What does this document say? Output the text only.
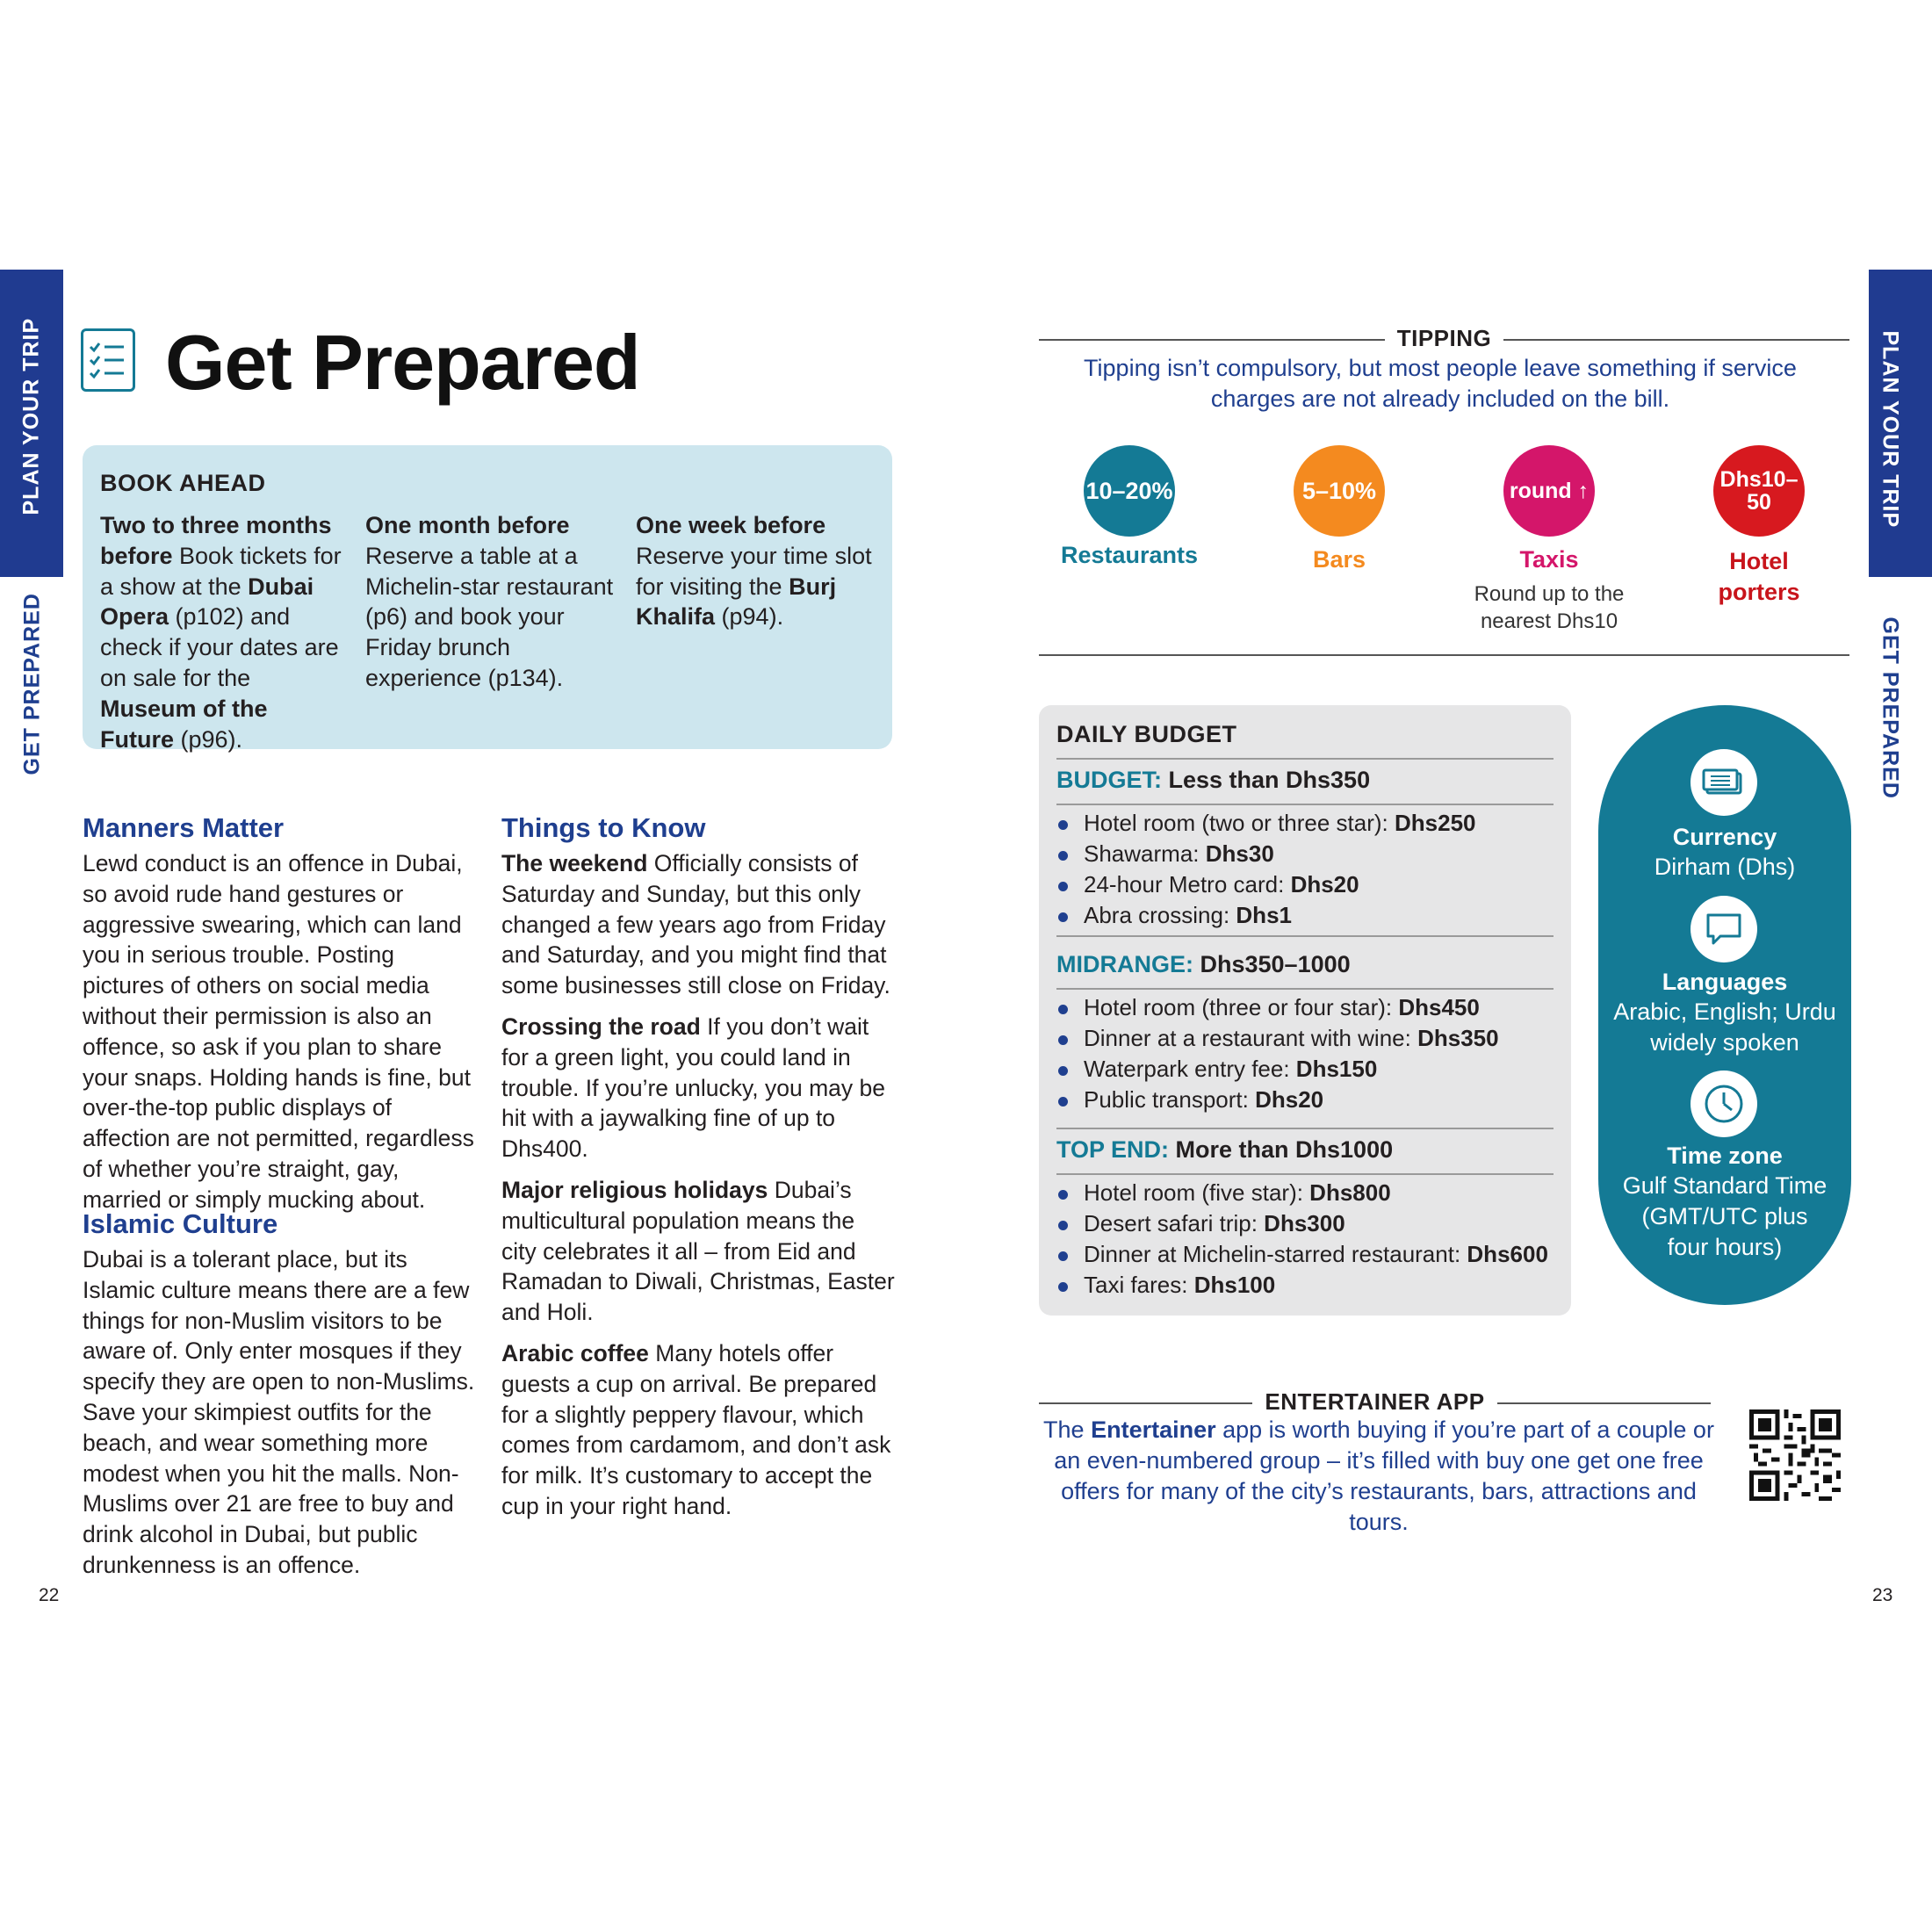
PLAN YOUR TRIP
GET PREPARED
PLAN YOUR TRIP
GET PREPARED
Get Prepared
BOOK AHEAD
Two to three months before Book tickets for a show at the Dubai Opera (p102) and check if your dates are on sale for the Museum of the Future (p96).
One month before
Reserve a table at a Michelin-star restaurant (p6) and book your Friday brunch experience (p134).
One week before
Reserve your time slot for visiting the Burj Khalifa (p94).
Manners Matter
Lewd conduct is an offence in Dubai, so avoid rude hand gestures or aggressive swearing, which can land you in serious trouble. Posting pictures of others on social media without their permission is also an offence, so ask if you plan to share your snaps. Holding hands is fine, but over-the-top public displays of affection are not permitted, regardless of whether you’re straight, gay, married or simply mucking about.
Islamic Culture
Dubai is a tolerant place, but its Islamic culture means there are a few things for non-Muslim visitors to be aware of. Only enter mosques if they specify they are open to non-Muslims. Save your skimpiest outfits for the beach, and wear something more modest when you hit the malls. Non-Muslims over 21 are free to buy and drink alcohol in Dubai, but public drunkenness is an offence.
Things to Know

The weekend Officially consists of Saturday and Sunday, but this only changed a few years ago from Friday and Saturday, and you might find that some businesses still close on Friday.

Crossing the road If you don’t wait for a green light, you could land in trouble. If you’re unlucky, you may be hit with a jaywalking fine of up to Dhs400.

Major religious holidays Dubai’s multicultural population means the city celebrates it all – from Eid and Ramadan to Diwali, Christmas, Easter and Holi.

Arabic coffee Many hotels offer guests a cup on arrival. Be prepared for a slightly peppery flavour, which comes from cardamom, and don’t ask for milk. It’s customary to accept the cup in your right hand.

22	23
TIPPING
Tipping isn’t compulsory, but most people leave something if service charges are not already included on the bill.
10–20%
Restaurants
5–10%
Bars
round ↑
Taxis
Round up to the nearest Dhs10
Dhs10–50
Hotel porters
DAILY BUDGET
BUDGET: Less than Dhs350
Hotel room (two or three star): Dhs250
Shawarma: Dhs30
24-hour Metro card: Dhs20
Abra crossing: Dhs1
MIDRANGE: Dhs350–1000
Hotel room (three or four star): Dhs450
Dinner at a restaurant with wine: Dhs350
Waterpark entry fee: Dhs150
Public transport: Dhs20
TOP END: More than Dhs1000
Hotel room (five star): Dhs800
Desert safari trip: Dhs300
Dinner at Michelin-starred restaurant: Dhs600
Taxi fares: Dhs100
Currency
Dirham (Dhs)
Languages
Arabic, English; Urdu
widely spoken
Time zone
Gulf Standard Time
(GMT/UTC plus
four hours)
ENTERTAINER APP
The Entertainer app is worth buying if you’re part of a couple or an even-numbered group – it’s filled with buy one get one free offers for many of the city’s restaurants, bars, attractions and tours.
